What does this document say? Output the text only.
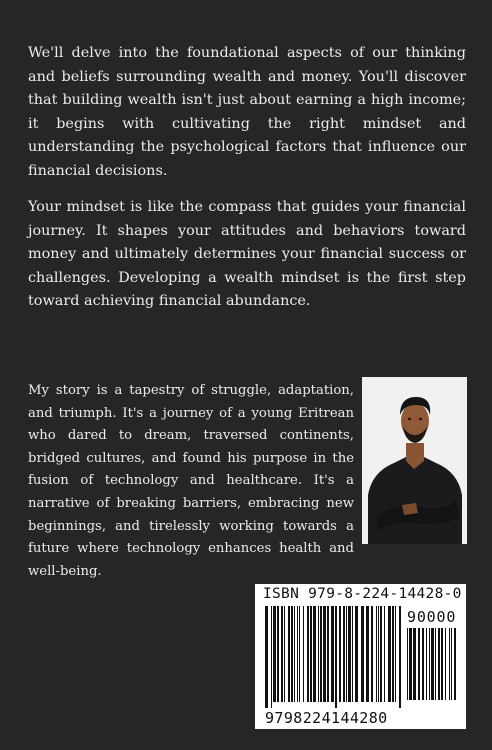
We'll delve into the foundational aspects of our thinking and beliefs surrounding wealth and money. You'll discover that building wealth isn't just about earning a high income; it begins with cultivating the right mindset and understanding the psychological factors that influence our financial decisions.

Your mindset is like the compass that guides your financial journey. It shapes your attitudes and behaviors toward money and ultimately determines your financial success or challenges. Developing a wealth mindset is the first step toward achieving financial abundance.

My story is a tapestry of struggle, adaptation, and triumph. It's a journey of a young Eritrean who dared to dream, traversed continents, bridged cultures, and found his purpose in the fusion of technology and healthcare. It's a narrative of breaking barriers, embracing new beginnings, and tirelessly working towards a future where technology enhances health and well-being.

ISBN 979-8-224-14428-0
90000
9798224144280
